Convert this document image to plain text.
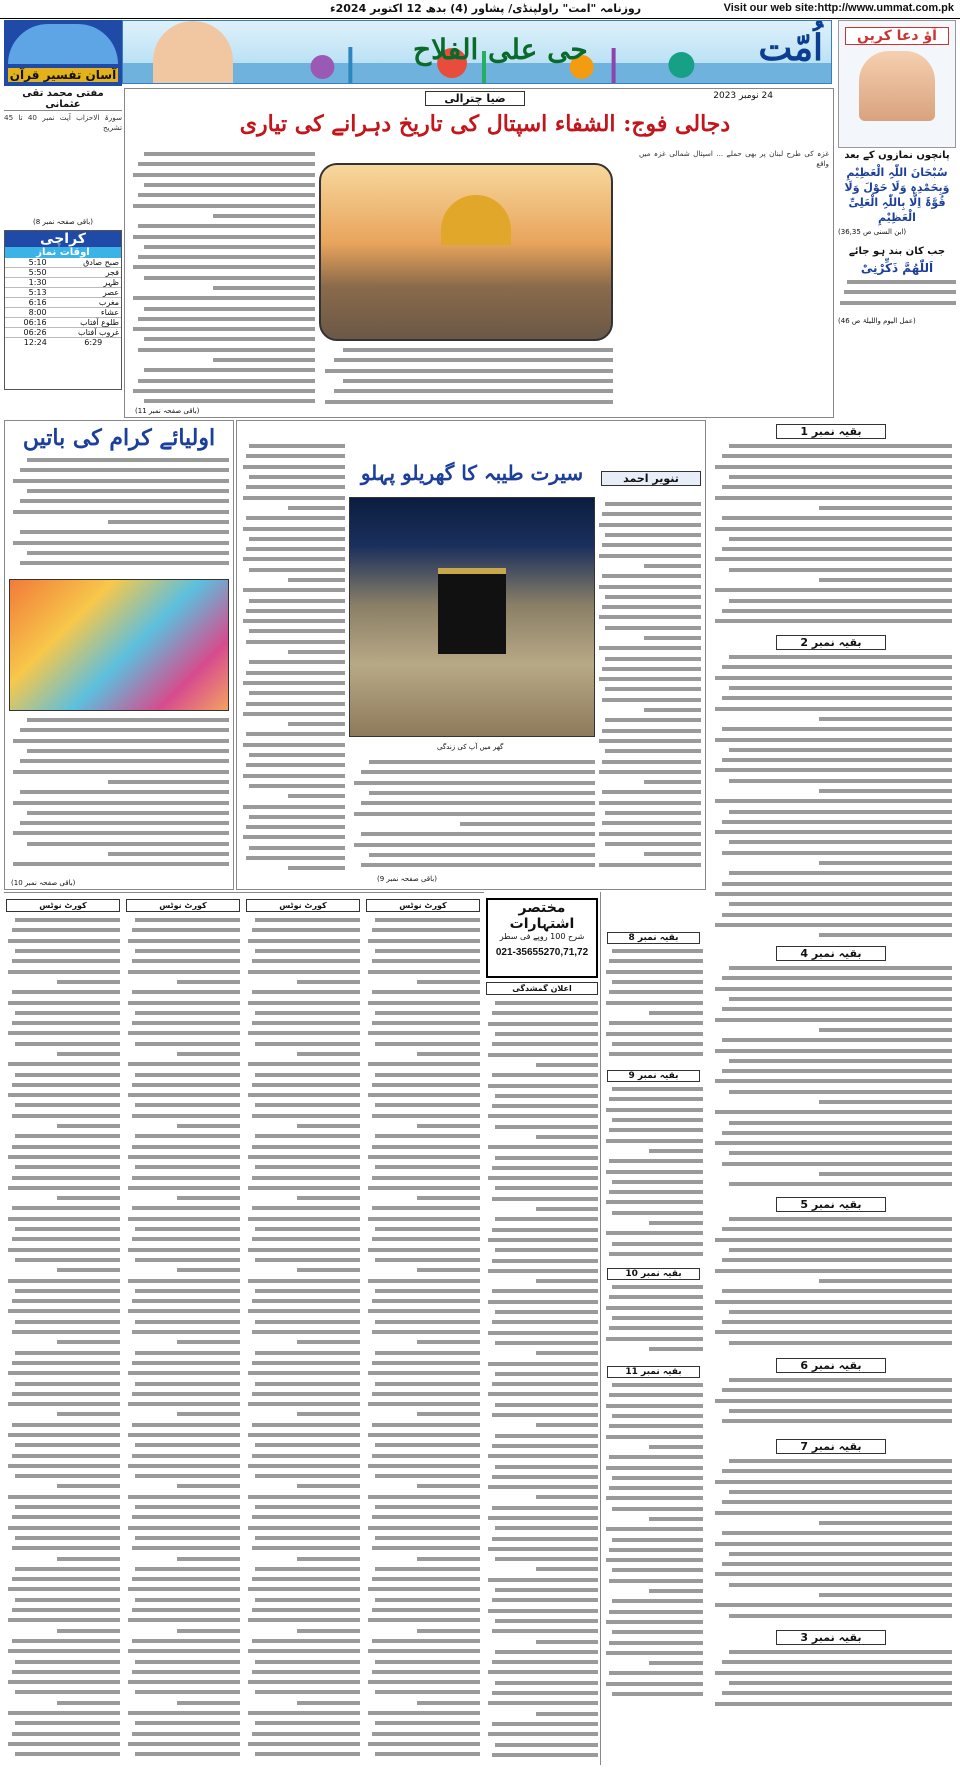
روزنامہ "امت" راولپنڈی/ پشاور (4) بدھ 12 اکتوبر 2024ء	Visit our web site:http://www.ummat.com.pk
آسان تفسیر قرآن
حی علی الفلاح	اُمّت	آؤ دعا کریں
مفتی محمد تقی عثمانی
سورۃ الاحزاب آیت نمبر 40 تا 45 تشریح
(باقی صفحہ نمبر 8)
کراچی
اوقات نماز
صبح صادق	5:10
فجر	5:50
ظہر	1:30
عصر	5:13
مغرب	6:16
عشاء	8:00
طلوع آفتاب	06:16
غروب آفتاب	06:26
12:24	6:29
پانچوں نمازوں کے بعد
سُبْحَانَ اللّٰہِ الْعَظِیْمِ وَبِحَمْدِہٖ وَلَا حَوْلَ وَلَا قُوَّۃَ اِلَّا بِاللّٰہِ الْعَلِیِّ الْعَظِیْمِ
(ابن السنی ص 36,35)
جب کان بند ہو جائے
اَللّٰھُمَّ ذَکِّرْنِیْ
(عمل الیوم واللیلۃ ص 46)
24 نومبر 2023
ضیا چترالی
دجالی فوج: الشفاء اسپتال کی تاریخ دہرانے کی تیاری
غزہ کی طرح لبنان پر بھی حملے ... اسپتال شمالی غزہ میں واقع
(باقی صفحہ نمبر 11)
اولیائے کرام کی باتیں
(باقی صفحہ نمبر 10)
سیرت طیبہ کا گھریلو پہلو	تنویر احمد
گھر میں آپ کی زندگی
(باقی صفحہ نمبر 9)
بقیہ نمبر 1
بقیہ نمبر 2
بقیہ نمبر 4
بقیہ نمبر 5
بقیہ نمبر 6
بقیہ نمبر 7
بقیہ نمبر 3
بقیہ نمبر 8
بقیہ نمبر 9
بقیہ نمبر 10
بقیہ نمبر 11
مختصر اشتہارات
شرح 100 روپے فی سطر
021-35655270,71,72
اعلان گمشدگی
کورٹ نوٹس	کورٹ نوٹس	کورٹ نوٹس	کورٹ نوٹس
